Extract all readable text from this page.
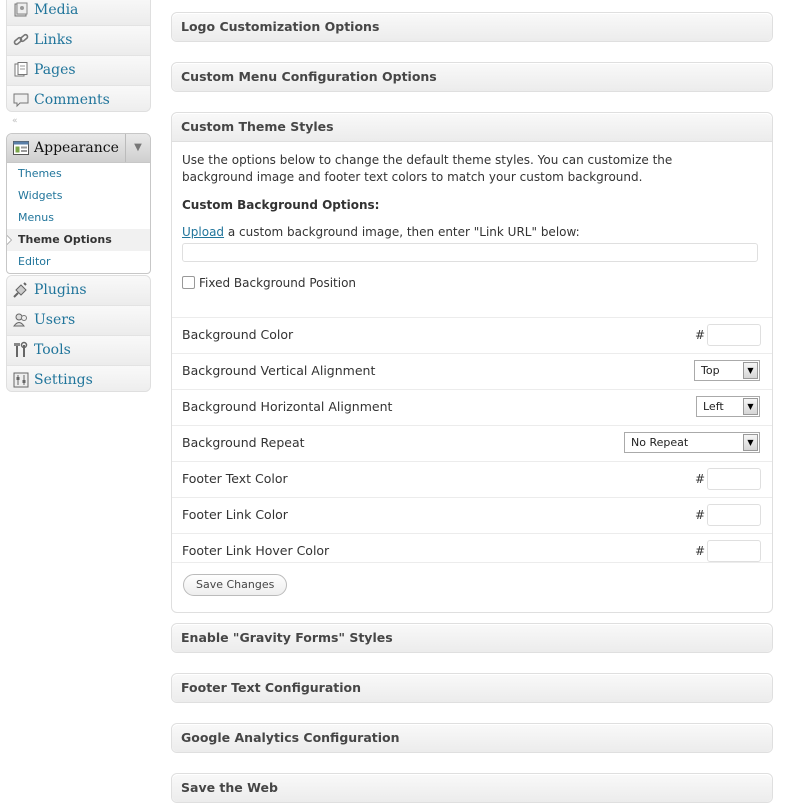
Media
Links
Pages
Comments
«
Appearance	▼
Themes
Widgets
Menus
Theme Options
Editor
Plugins
Users
Tools
Settings
Logo Customization Options
Custom Menu Configuration Options
Custom Theme Styles

Use the options below to change the default theme styles. You can customize the background image and footer text colors to match your custom background.

Custom Background Options:
Upload a custom background image, then enter "Link URL" below:
Fixed Background Position
Background Color	#
Background Vertical Alignment	Top	▼
Background Horizontal Alignment	Left	▼
Background Repeat	No Repeat	▼
Footer Text Color	#
Footer Link Color	#
Footer Link Hover Color	#
Save Changes
Enable "Gravity Forms" Styles
Footer Text Configuration
Google Analytics Configuration
Save the Web
